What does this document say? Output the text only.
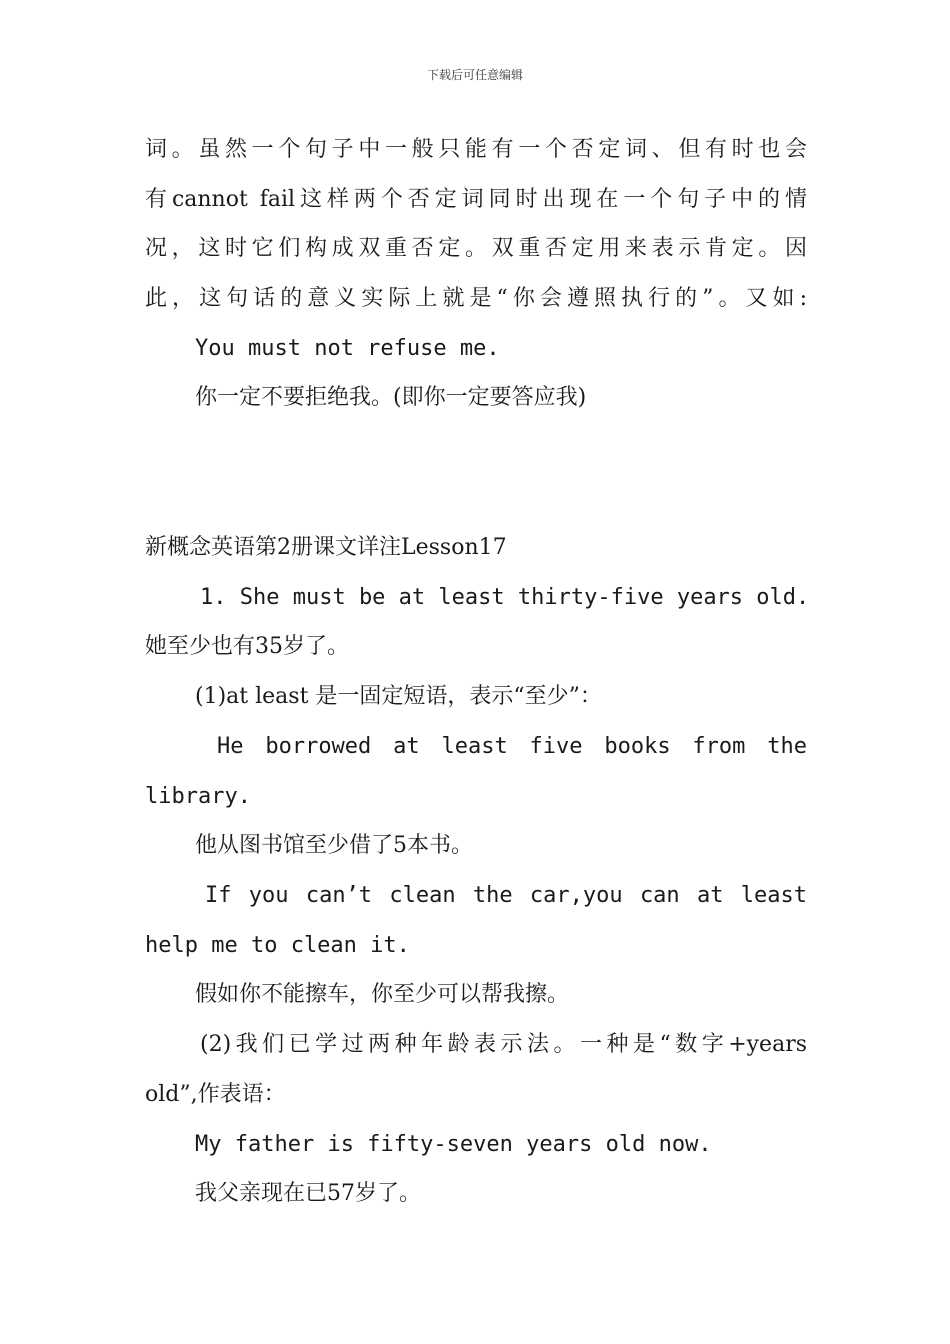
下载后可任意编辑
词。虽然一个句子中一般只能有一个否定词、但有时也会
有cannot fail这样两个否定词同时出现在一个句子中的情
况，这时它们构成双重否定。双重否定用来表示肯定。因
此，这句话的意义实际上就是“你会遵照执行的”。又如:
You must not refuse me.
你一定不要拒绝我。(即你一定要答应我)
新概念英语第2册课文详注Lesson17
1. She must be at least thirty-five years old.
她至少也有35岁了。
(1)at least 是一固定短语，表示“至少”：
He borrowed at least five books from the
library.
他从图书馆至少借了5本书。
If you can’t clean the car,you can at least
help me to clean it.
假如你不能擦车，你至少可以帮我擦。
(2)我们已学过两种年龄表示法。一种是“数字+years
old”,作表语：
My father is fifty-seven years old now.
我父亲现在已57岁了。
